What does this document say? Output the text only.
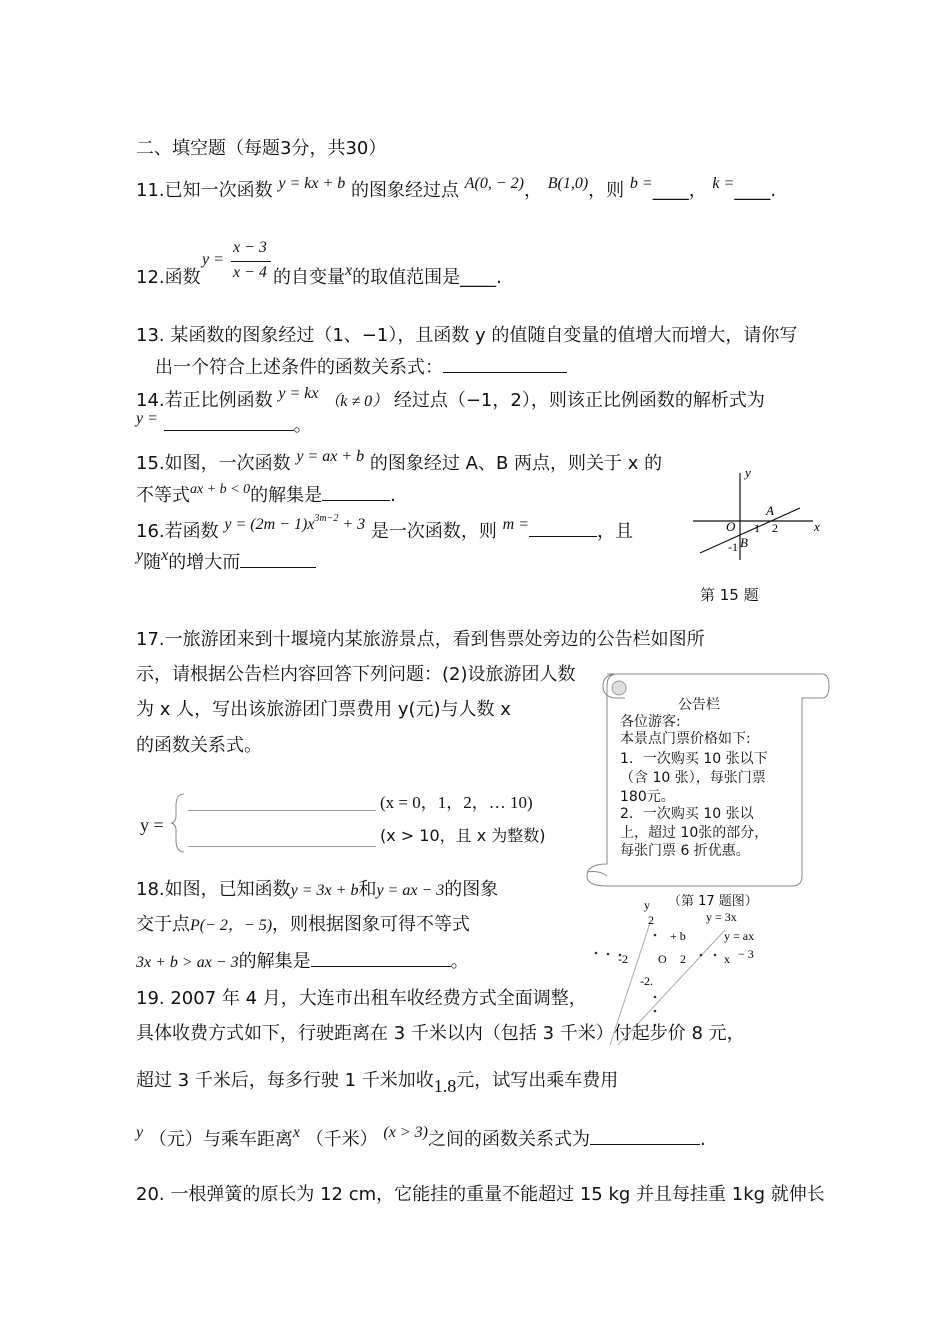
二、填空题（每题3分，共30）
11.已知一次函数 y = kx + b 的图象经过点 A(0, − 2)， B(1,0)，则 b =____， k =____.
12.函数
y =
x − 3
x − 4 的自变量x的取值范围是____.
13. 某函数的图象经过（1、−1），且函数 y 的值随自变量的值增大而增大，请你写
出一个符合上述条件的函数关系式：
14.若正比例函数 y = kx （k ≠ 0） 经过点（−1，2），则该正比例函数的解析式为
y =	。
15.如图，一次函数 y = ax + b 的图象经过 A、B 两点，则关于 x 的
不等式$^{ax + b < 0}$的解集是	.
16.若函数 $y = (2m - 1)x^{3m-2} + 3$ 是一次函数，则 m =	，且
y随x的增大而
y
x
O
A
B
1 2
-1
第 15 题
17.一旅游团来到十堰境内某旅游景点，看到售票处旁边的公告栏如图所
示，请根据公告栏内容回答下列问题：(2)设旅游团人数
为 x 人，写出该旅游团门票费用 y(元)与人数 x
的函数关系式。
y =
(x = 0，1，2，… 10)
(x > 10，且 x 为整数)
公告栏
各位游客:
本景点门票价格如下:
1．一次购买 10 张以下
（含 10 张），每张门票
180元。
2．一次购买 10 张以
上，超过 10张的部分，
每张门票 6 折优惠。
（第 17 题图）
18.如图，已知函数y = 3x + b和y = ax − 3的图象
交于点P(− 2，− 5)，则根据图象可得不等式
3x + b > ax − 3的解集是	。
y
2	y = 3x
+ b	y = ax
− 3
-2	O 2	x
-2.
19. 2007 年 4 月，大连市出租车收经费方式全面调整，
具体收费方式如下，行驶距离在 3 千米以内（包括 3 千米）付起步价 8 元，
超过 3 千米后，每多行驶 1 千米加收1.8元，试写出乘车费用
y （元）与乘车距离x （千米） (x > 3)之间的函数关系式为	.
20. 一根弹簧的原长为 12 cm，它能挂的重量不能超过 15 kg 并且每挂重 1kg 就伸长
